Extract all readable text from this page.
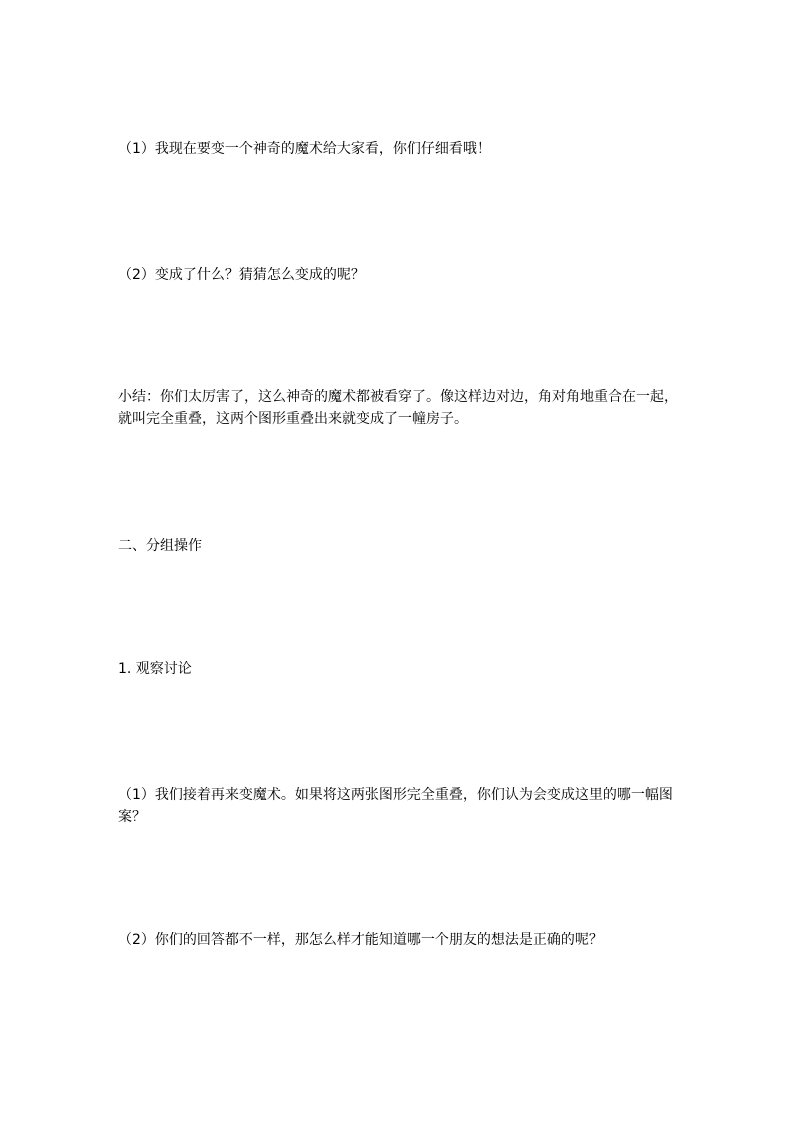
（1）我现在要变一个神奇的魔术给大家看，你们仔细看哦！

（2）变成了什么？猜猜怎么变成的呢？

小结：你们太厉害了，这么神奇的魔术都被看穿了。像这样边对边，角对角地重合在一起，就叫完全重叠，这两个图形重叠出来就变成了一幢房子。

二、分组操作

1. 观察讨论

（1）我们接着再来变魔术。如果将这两张图形完全重叠，你们认为会变成这里的哪一幅图案？

（2）你们的回答都不一样，那怎么样才能知道哪一个朋友的想法是正确的呢？
